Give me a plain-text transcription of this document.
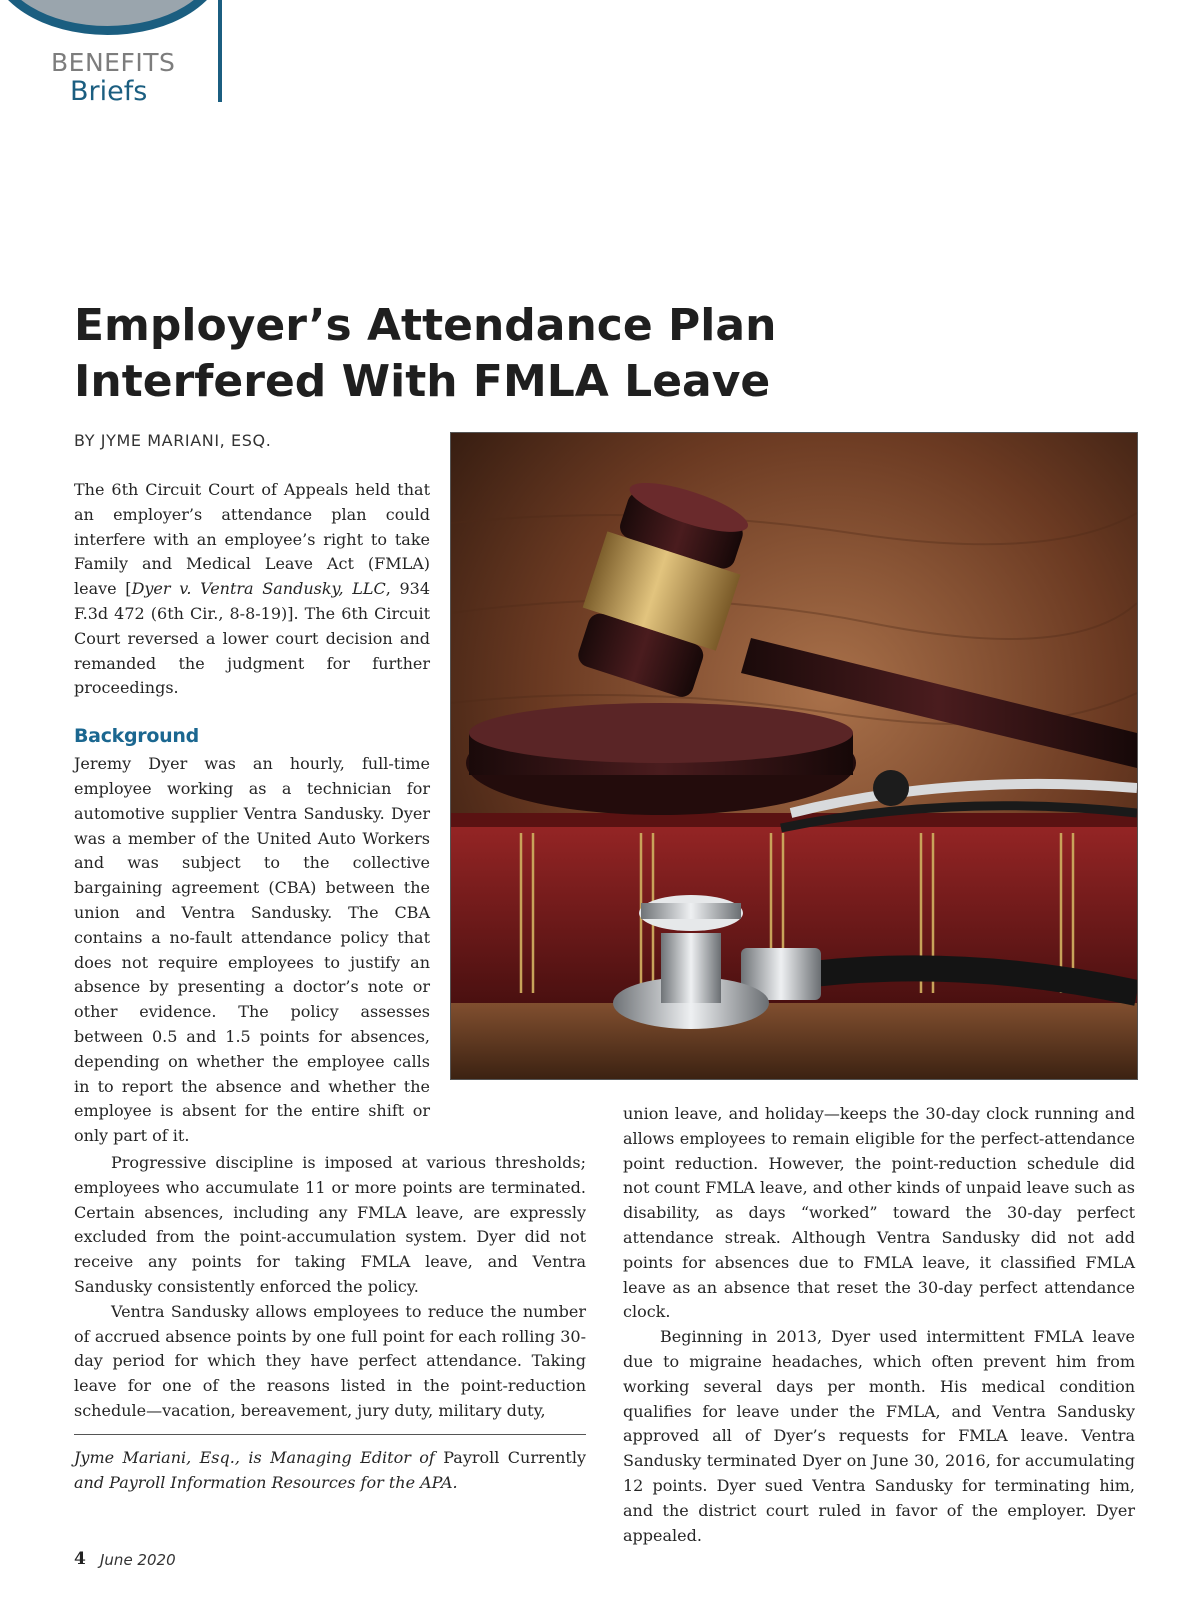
BENEFITS
Briefs
Employer’s Attendance Plan
Interfered With FMLA Leave
BY JYME MARIANI, ESQ.

The 6th Circuit Court of Appeals held that an employer’s attendance plan could interfere with an employee’s right to take Family and Medical Leave Act (FMLA) leave [Dyer v. Ventra Sandusky, LLC, 934 F.3d 472 (6th Cir., 8-8-19)]. The 6th Circuit Court reversed a lower court decision and remanded the judgment for further proceedings.

Background

Jeremy Dyer was an hourly, full-time employee working as a technician for automotive supplier Ventra Sandusky. Dyer was a member of the United Auto Workers and was subject to the collective bargaining agreement (CBA) between the union and Ventra Sandusky. The CBA contains a no-fault attendance policy that does not require employees to justify an absence by presenting a doctor’s note or other evidence. The policy assesses between 0.5 and 1.5 points for absences, depending on whether the employee calls in to report the absence and whether the employee is absent for the entire shift or only part of it.

Progressive discipline is imposed at various thresholds; employees who accumulate 11 or more points are terminated. Certain absences, including any FMLA leave, are expressly excluded from the point-accumulation system. Dyer did not receive any points for taking FMLA leave, and Ventra Sandusky consistently enforced the policy.

Ventra Sandusky allows employees to reduce the number of accrued absence points by one full point for each rolling 30-day period for which they have perfect attendance. Taking leave for one of the reasons listed in the point-reduction schedule—vacation, bereavement, jury duty, military duty,

Jyme Mariani, Esq., is Managing Editor of Payroll Currently and Payroll Information Resources for the APA.

union leave, and holiday—keeps the 30-day clock running and allows employees to remain eligible for the perfect-attendance point reduction. However, the point-reduction schedule did not count FMLA leave, and other kinds of unpaid leave such as disability, as days “worked” toward the 30-day perfect attendance streak. Although Ventra Sandusky did not add points for absences due to FMLA leave, it classified FMLA leave as an absence that reset the 30-day perfect attendance clock.

Beginning in 2013, Dyer used intermittent FMLA leave due to migraine headaches, which often prevent him from working several days per month. His medical condition qualifies for leave under the FMLA, and Ventra Sandusky approved all of Dyer’s requests for FMLA leave. Ventra Sandusky terminated Dyer on June 30, 2016, for accumulating 12 points. Dyer sued Ventra Sandusky for terminating him, and the district court ruled in favor of the employer. Dyer appealed.

4 June 2020
